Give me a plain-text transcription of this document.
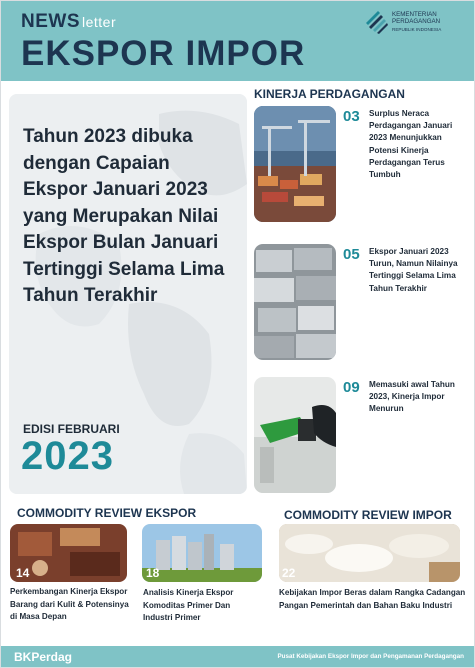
NEWS letter
EKSPOR IMPOR
KEMENTERIAN
PERDAGANGAN
REPUBLIK INDONESIA
Tahun 2023 dibuka dengan Capaian Ekspor Januari 2023 yang Merupakan Nilai Ekspor Bulan Januari Tertinggi Selama Lima Tahun Terakhir
EDISI FEBRUARI
2023
KINERJA PERDAGANGAN
03 Surplus Neraca Perdagangan Januari 2023 Menunjukkan Potensi Kinerja Perdagangan Terus Tumbuh
05 Ekspor Januari 2023 Turun, Namun Nilainya Tertinggi Selama Lima Tahun Terakhir
09 Memasuki awal Tahun 2023, Kinerja Impor Menurun
COMMODITY REVIEW EKSPOR
14
Perkembangan Kinerja Ekspor Barang dari Kulit & Potensinya di Masa Depan
18
Analisis Kinerja Ekspor Komoditas Primer Dan Industri Primer
COMMODITY REVIEW IMPOR
22
Kebijakan Impor Beras dalam Rangka Cadangan Pangan Pemerintah dan Bahan Baku Industri
BKPerdag	Pusat Kebijakan Ekspor Impor dan Pengamanan Perdagangan
